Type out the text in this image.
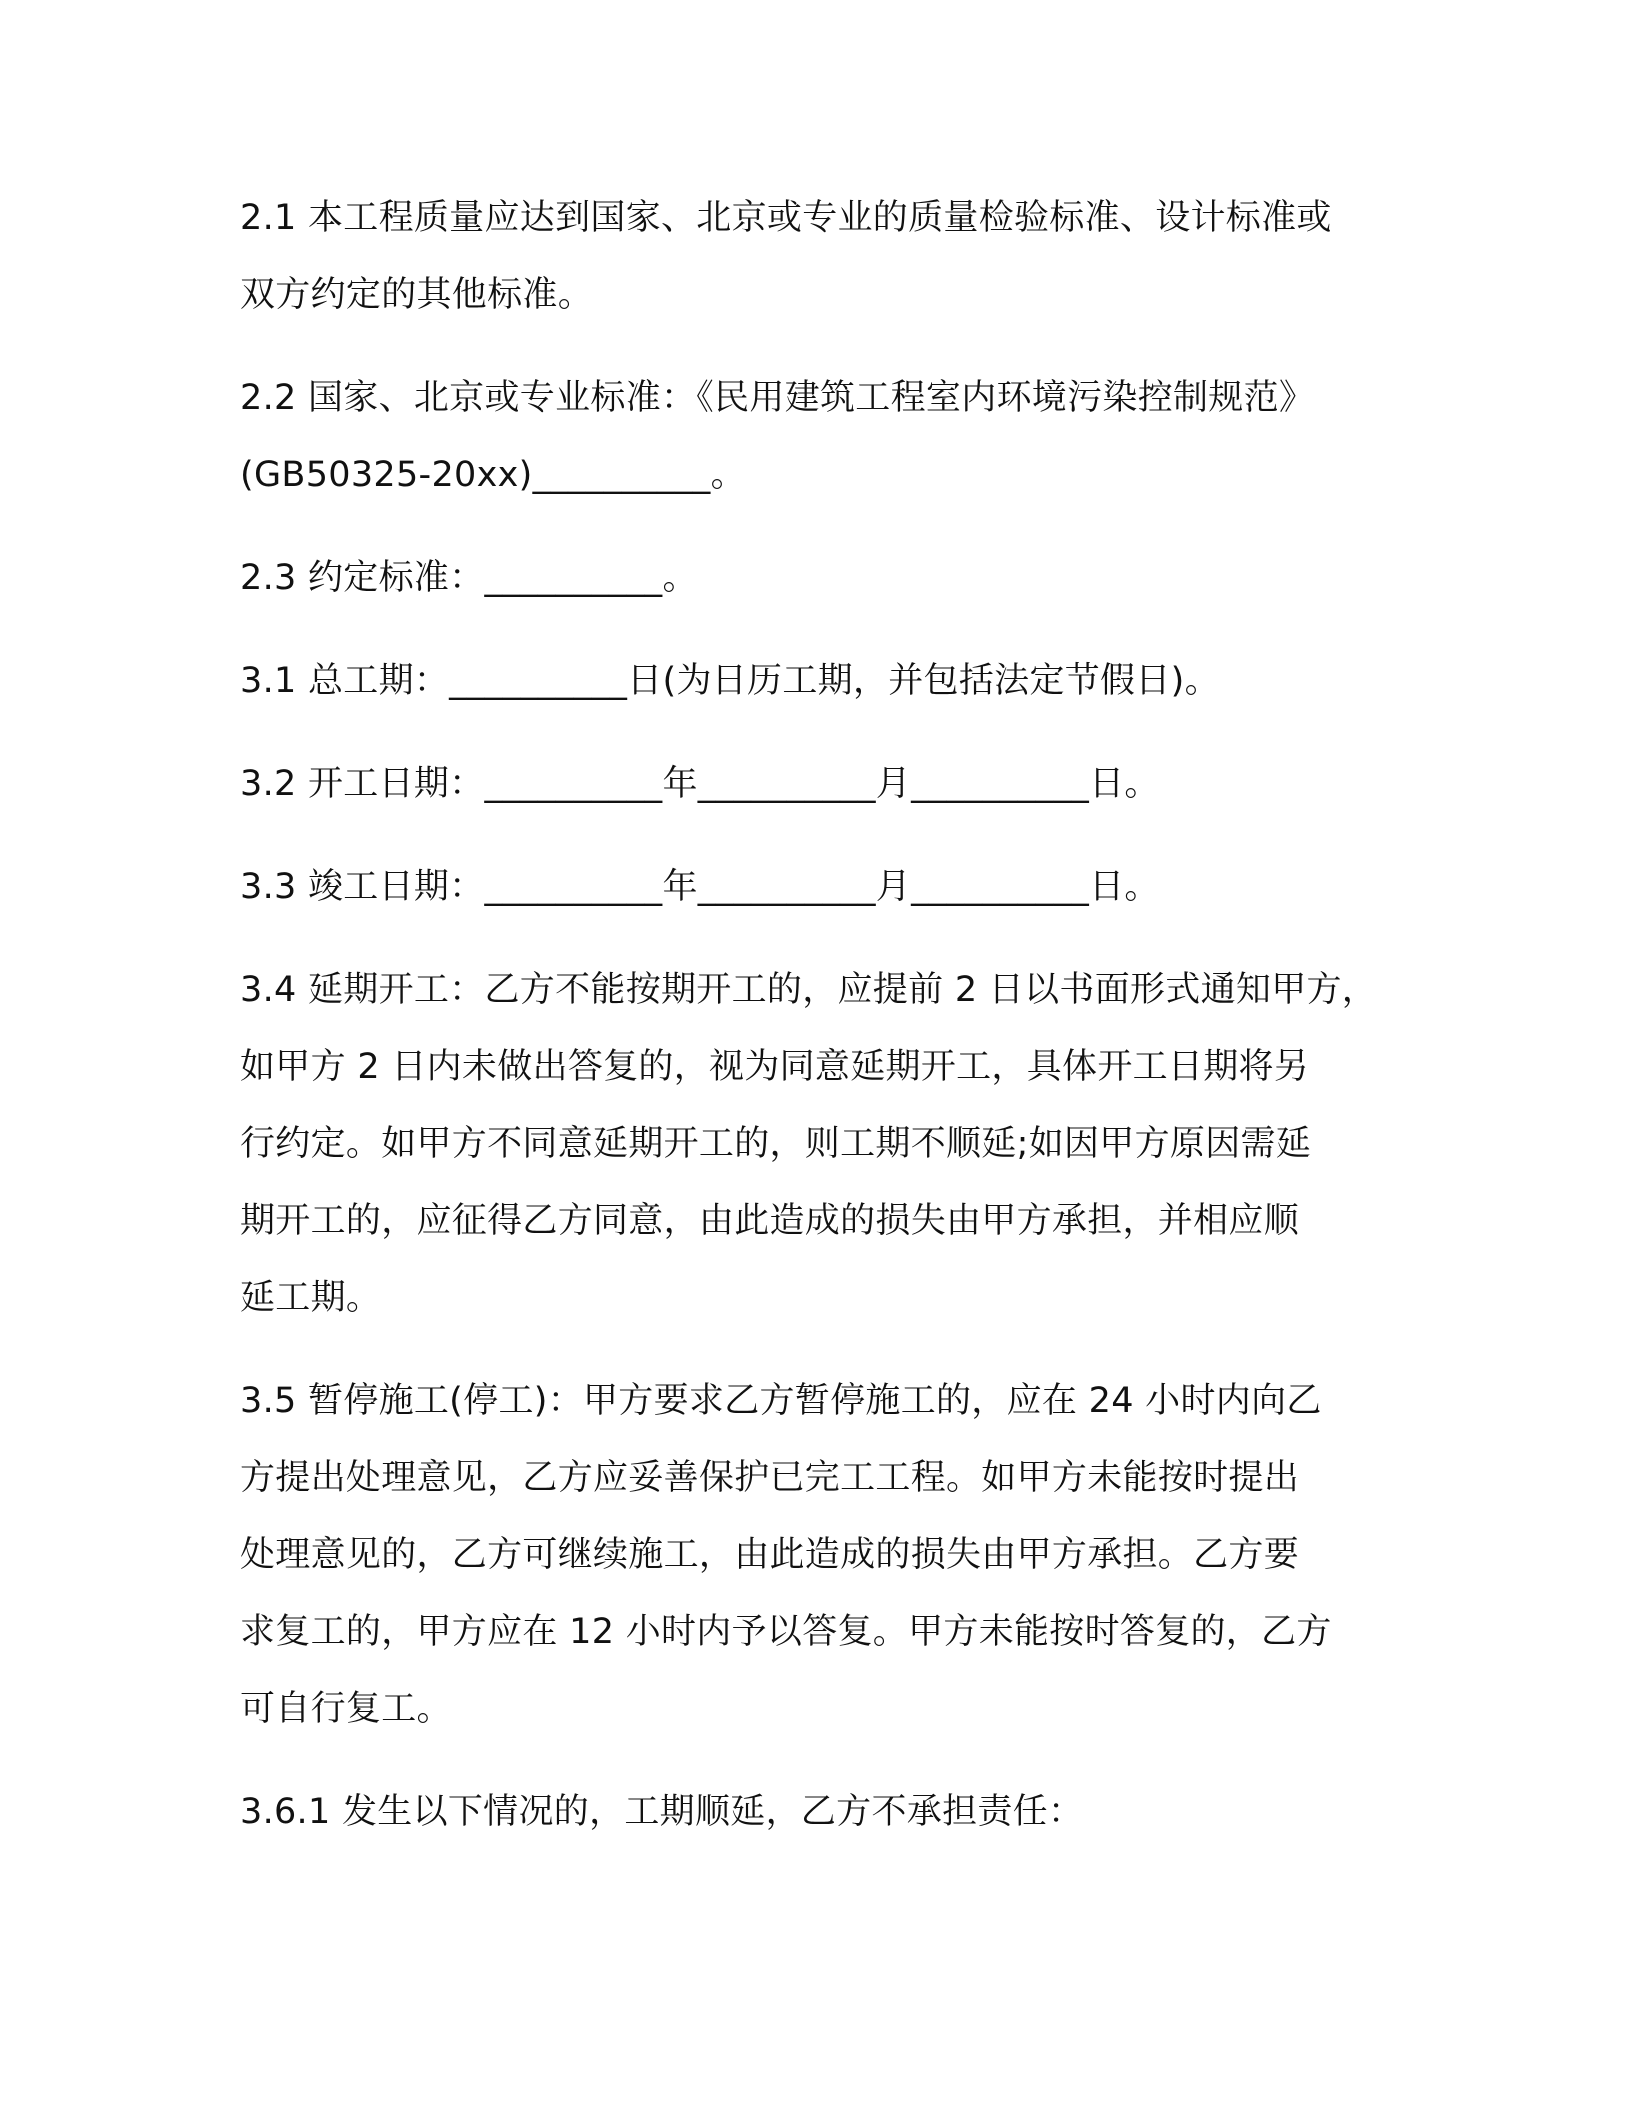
2.1 本工程质量应达到国家、北京或专业的质量检验标准、设计标准或
双方约定的其他标准。

2.2 国家、北京或专业标准：《民用建筑工程室内环境污染控制规范》
(GB50325-20xx)__________。

2.3 约定标准：__________。

3.1 总工期：__________日(为日历工期，并包括法定节假日)。

3.2 开工日期：__________年__________月__________日。

3.3 竣工日期：__________年__________月__________日。

3.4 延期开工：乙方不能按期开工的，应提前 2 日以书面形式通知甲方，
如甲方 2 日内未做出答复的，视为同意延期开工，具体开工日期将另
行约定。如甲方不同意延期开工的，则工期不顺延;如因甲方原因需延
期开工的，应征得乙方同意，由此造成的损失由甲方承担，并相应顺
延工期。

3.5 暂停施工(停工)：甲方要求乙方暂停施工的，应在 24 小时内向乙
方提出处理意见，乙方应妥善保护已完工工程。如甲方未能按时提出
处理意见的，乙方可继续施工，由此造成的损失由甲方承担。乙方要
求复工的，甲方应在 12 小时内予以答复。甲方未能按时答复的，乙方
可自行复工。

3.6.1 发生以下情况的，工期顺延，乙方不承担责任：
